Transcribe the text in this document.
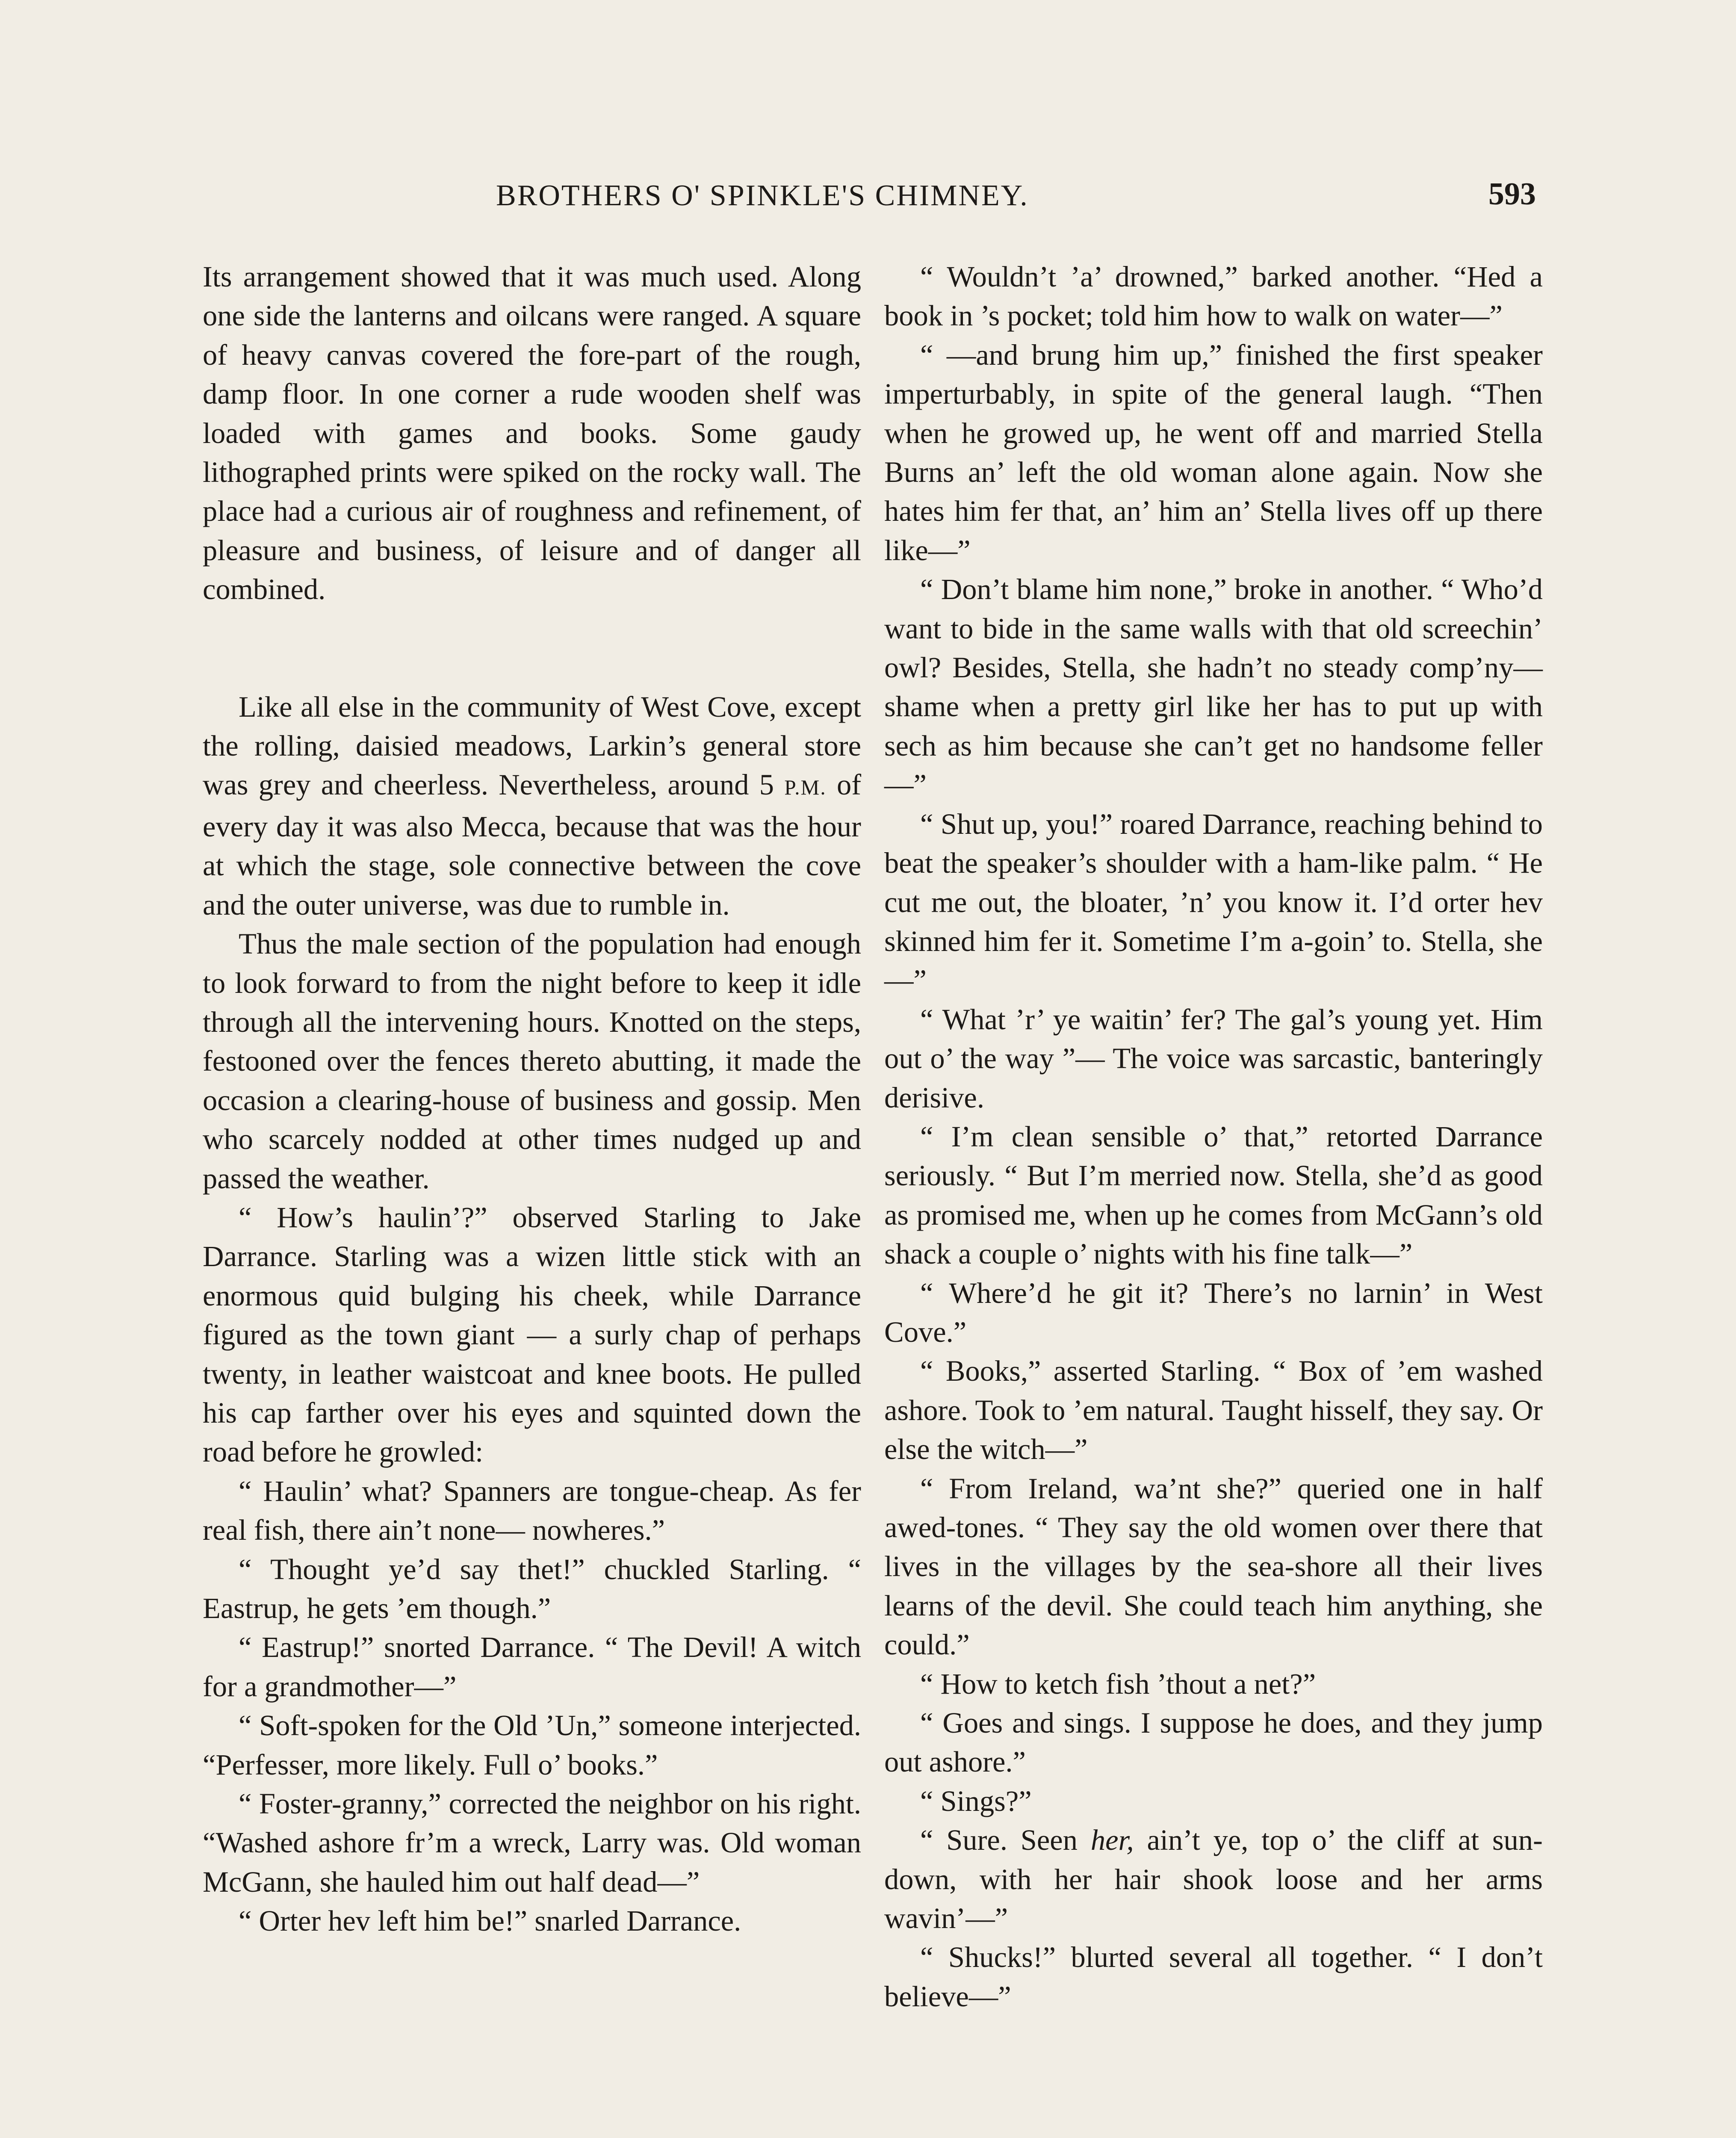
BROTHERS O' SPINKLE'S CHIMNEY.	593

Its arrangement showed that it was much used. Along one side the lanterns and oilcans were ranged. A square of heavy canvas covered the fore-part of the rough, damp floor. In one corner a rude wooden shelf was loaded with games and books. Some gaudy lithographed prints were spiked on the rocky wall. The place had a curious air of roughness and refinement, of pleasure and business, of leisure and of danger all combined.

Like all else in the community of West Cove, except the rolling, daisied meadows, Larkin’s general store was grey and cheerless. Nevertheless, around 5 P.M. of every day it was also Mecca, because that was the hour at which the stage, sole connective between the cove and the outer universe, was due to rumble in.

Thus the male section of the population had enough to look forward to from the night before to keep it idle through all the intervening hours. Knotted on the steps, festooned over the fences thereto abutting, it made the occasion a clearing-house of business and gossip. Men who scarcely nodded at other times nudged up and passed the weather.

“ How’s haulin’?” observed Starling to Jake Darrance. Starling was a wizen little stick with an enormous quid bulging his cheek, while Darrance figured as the town giant — a surly chap of perhaps twenty, in leather waistcoat and knee boots. He pulled his cap farther over his eyes and squinted down the road before he growled:

“ Haulin’ what? Spanners are tongue-cheap. As fer real fish, there ain’t none— nowheres.”

“ Thought ye’d say thet!” chuckled Starling. “ Eastrup, he gets ’em though.”

“ Eastrup!” snorted Darrance. “ The Devil! A witch for a grandmother—”

“ Soft-spoken for the Old ’Un,” someone interjected. “Perfesser, more likely. Full o’ books.”

“ Foster-granny,” corrected the neighbor on his right. “Washed ashore fr’m a wreck, Larry was. Old woman McGann, she hauled him out half dead—”

“ Orter hev left him be!” snarled Darrance.

“ Wouldn’t ’a’ drowned,” barked another. “Hed a book in ’s pocket; told him how to walk on water—”

“ —and brung him up,” finished the first speaker imperturbably, in spite of the general laugh. “Then when he growed up, he went off and married Stella Burns an’ left the old woman alone again. Now she hates him fer that, an’ him an’ Stella lives off up there like—”

“ Don’t blame him none,” broke in another. “ Who’d want to bide in the same walls with that old screechin’ owl? Besides, Stella, she hadn’t no steady comp’ny— shame when a pretty girl like her has to put up with sech as him because she can’t get no handsome feller—”

“ Shut up, you!” roared Darrance, reaching behind to beat the speaker’s shoulder with a ham-like palm. “ He cut me out, the bloater, ’n’ you know it. I’d orter hev skinned him fer it. Sometime I’m a-goin’ to. Stella, she—”

“ What ’r’ ye waitin’ fer? The gal’s young yet. Him out o’ the way ”— The voice was sarcastic, banteringly derisive.

“ I’m clean sensible o’ that,” retorted Darrance seriously. “ But I’m merried now. Stella, she’d as good as promised me, when up he comes from McGann’s old shack a couple o’ nights with his fine talk—”

“ Where’d he git it? There’s no larnin’ in West Cove.”

“ Books,” asserted Starling. “ Box of ’em washed ashore. Took to ’em natural. Taught hisself, they say. Or else the witch—”

“ From Ireland, wa’nt she?” queried one in half awed-tones. “ They say the old women over there that lives in the villages by the sea-shore all their lives learns of the devil. She could teach him anything, she could.”

“ How to ketch fish ’thout a net?”

“ Goes and sings. I suppose he does, and they jump out ashore.”

“ Sings?”

“ Sure. Seen her, ain’t ye, top o’ the cliff at sun-down, with her hair shook loose and her arms wavin’—”

“ Shucks!” blurted several all together. “ I don’t believe—”
